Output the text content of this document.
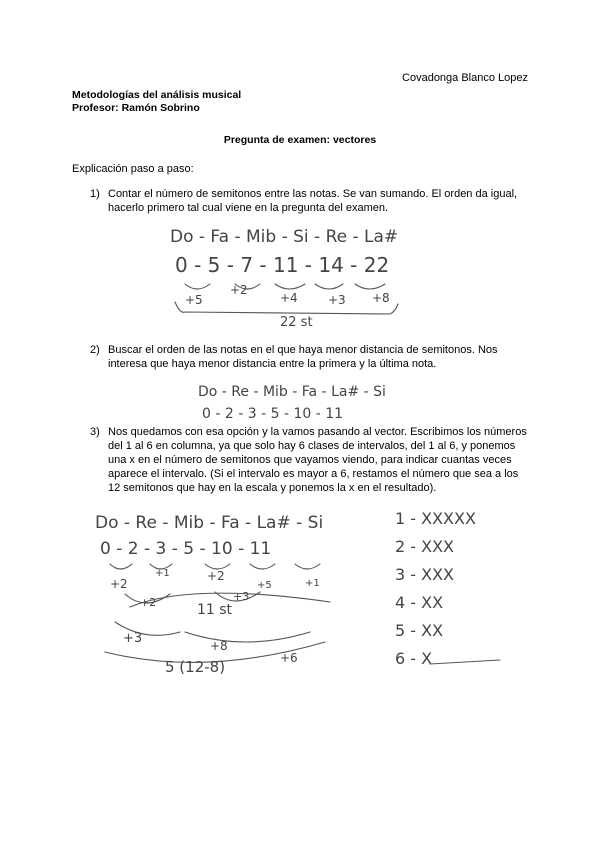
Covadonga Blanco Lopez
Metodologías del análisis musical
Profesor: Ramón Sobrino
Pregunta de examen: vectores
Explicación paso a paso:
1) Contar el número de semitonos entre las notas. Se van sumando. El orden da igual, hacerlo primero tal cual viene en la pregunta del examen.
Do - Fa - Mib - Si - Re - La#
0 - 5 - 7 - 11 - 14 - 22
+5
+2
+4	+3 +8
22 st
2) Buscar el orden de las notas en el que haya menor distancia de semitonos. Nos interesa que haya menor distancia entre la primera y la última nota.
Do - Re - Mib - Fa - La# - Si
0 - 2 - 3 - 5 - 10 - 11
3) Nos quedamos con esa opción y la vamos pasando al vector. Escribimos los números del 1 al 6 en columna, ya que solo hay 6 clases de intervalos, del 1 al 6, y ponemos una x en el número de semitonos que vayamos viendo, para indicar cuantas veces aparece el intervalo. (Si el intervalo es mayor a 6, restamos el número que sea a los 12 semitonos que hay en la escala y ponemos la x en el resultado).
Do - Re - Mib - Fa - La# - Si
0 - 2 - 3 - 5 - 10 - 11
+2
+1	+2
+5	+1
+2	+3
11 st
+3	+8
+6
5 (12-8)
1 - XXXXX
2 - XXX
3 - XXX
4 - XX
5 - XX
6 - X
